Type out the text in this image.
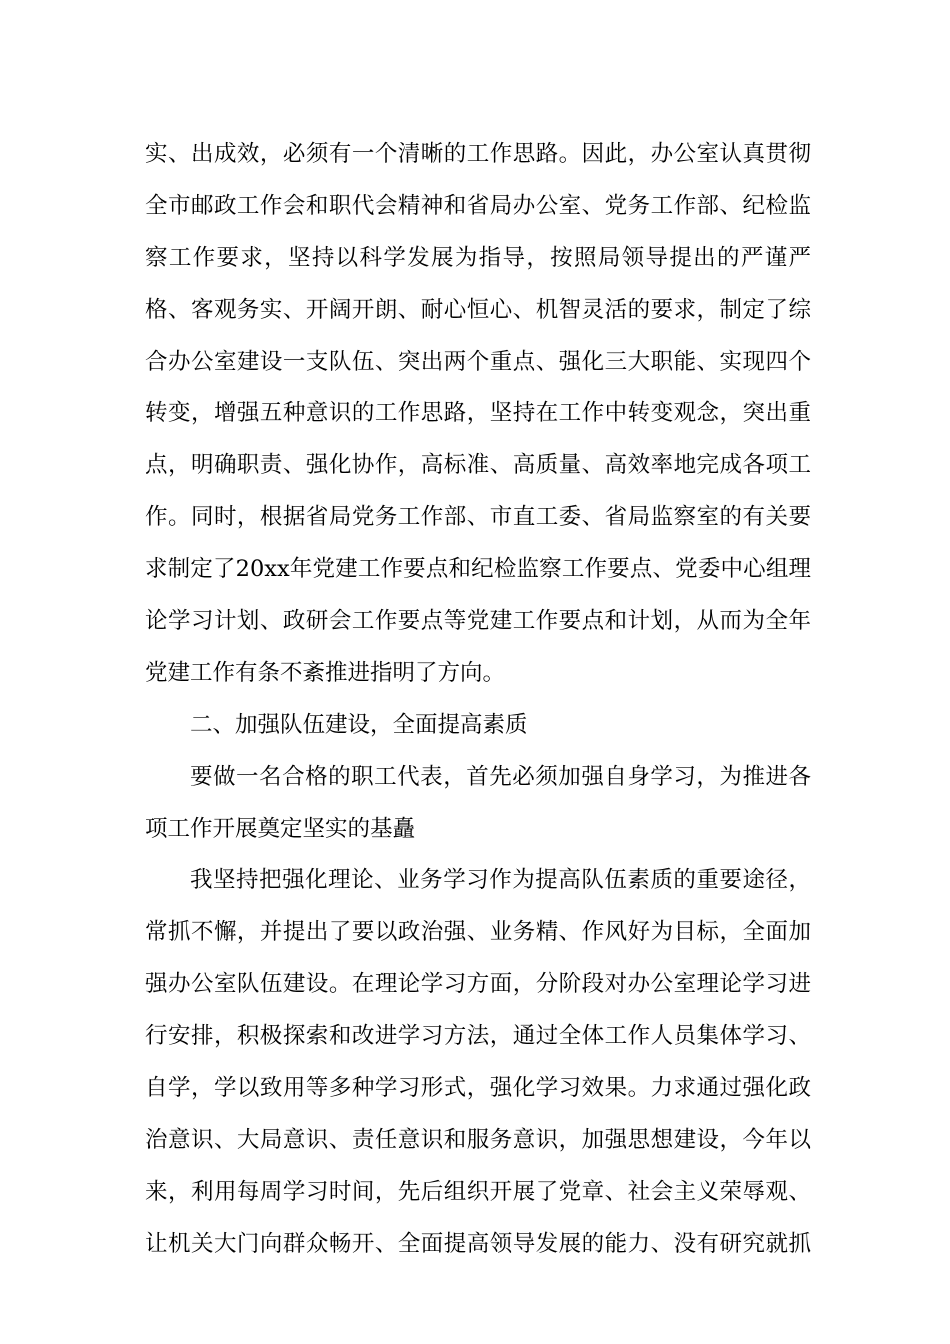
实、出成效，必须有一个清晰的工作思路。因此，办公室认真贯彻
全市邮政工作会和职代会精神和省局办公室、党务工作部、纪检监
察工作要求，坚持以科学发展为指导，按照局领导提出的严谨严
格、客观务实、开阔开朗、耐心恒心、机智灵活的要求，制定了综
合办公室建设一支队伍、突出两个重点、强化三大职能、实现四个
转变，增强五种意识的工作思路，坚持在工作中转变观念，突出重
点，明确职责、强化协作，高标准、高质量、高效率地完成各项工
作。同时，根据省局党务工作部、市直工委、省局监察室的有关要
求制定了20xx年党建工作要点和纪检监察工作要点、党委中心组理
论学习计划、政研会工作要点等党建工作要点和计划，从而为全年
党建工作有条不紊推进指明了方向。
二、加强队伍建设，全面提高素质
要做一名合格的职工代表，首先必须加强自身学习，为推进各
项工作开展奠定坚实的基矗
我坚持把强化理论、业务学习作为提高队伍素质的重要途径，
常抓不懈，并提出了要以政治强、业务精、作风好为目标，全面加
强办公室队伍建设。在理论学习方面，分阶段对办公室理论学习进
行安排，积极探索和改进学习方法，通过全体工作人员集体学习、
自学，学以致用等多种学习形式，强化学习效果。力求通过强化政
治意识、大局意识、责任意识和服务意识，加强思想建设，今年以
来，利用每周学习时间，先后组织开展了党章、社会主义荣辱观、
让机关大门向群众畅开、全面提高领导发展的能力、没有研究就抓
